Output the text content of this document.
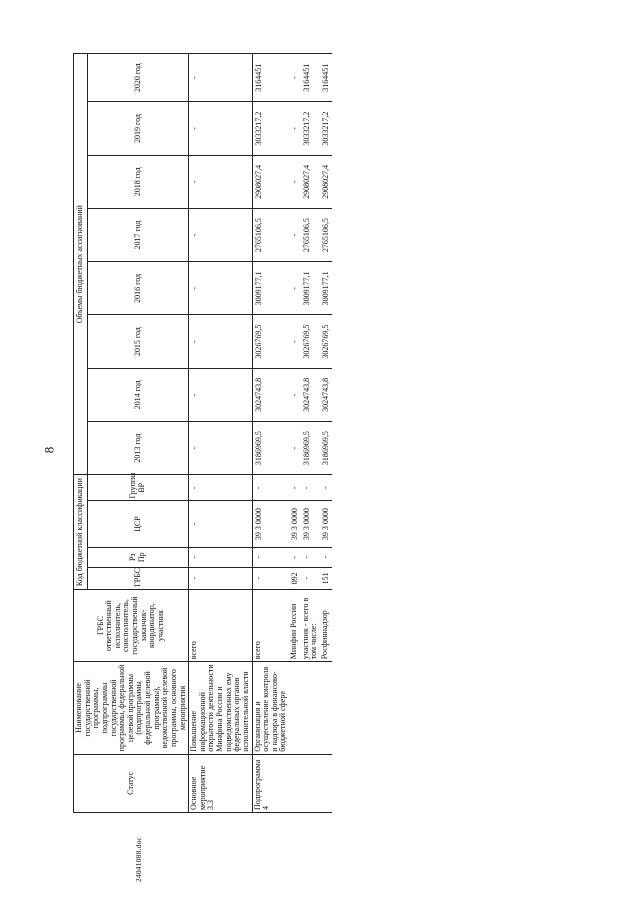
8
24041088.doc
Статус	Наименование государственной программы, подпрограммы государственной программы, федеральной целевой программы (подпрограммы федеральной целевой программы), ведомственной целевой программы, основного мероприятия	ГРБС ответственный исполнитель, соисполнитель, государственный заказчик-координатор, участник	Код бюджетной классификации				Объемы бюджетных ассигнований							
			ГРБС	Рз Пр	ЦСР	Группы ВР	2013 год	2014 год	2015 год	2016 год	2017 год	2018 год	2019 год	2020 год
Основное мероприятие 3.3	Повышение информационной открытости деятельности Минфина России и подведомственных ему федеральных органов исполнительной власти	всего	-	-	-	-	-	-	-	-	-	-	-	-
Подпрограмма 4	Организация и осуществление контроля и надзора в финансово-бюджетной сфере	всего	-	-	39 3 0000	-	3186969,5	3024743,8	3026769,5	3009177,1	2765106,5	2908027,4	3033217,2	3164451
		Минфин России	092	-	39 3 0000	-	-	-	-	-	-	-	-	-
		участник - всего в том числе:	-	-	39 3 0000	-	3186969,5	3024743,8	3026769,5	3009177,1	2765106,5	2908027,4	3033217,2	3164451
		Росфиннадзор	151	-	39 3 0000	-	3186969,5	3024743,8	3026769,5	3009177,1	2765106,5	2908027,4	3033217,2	3164451
